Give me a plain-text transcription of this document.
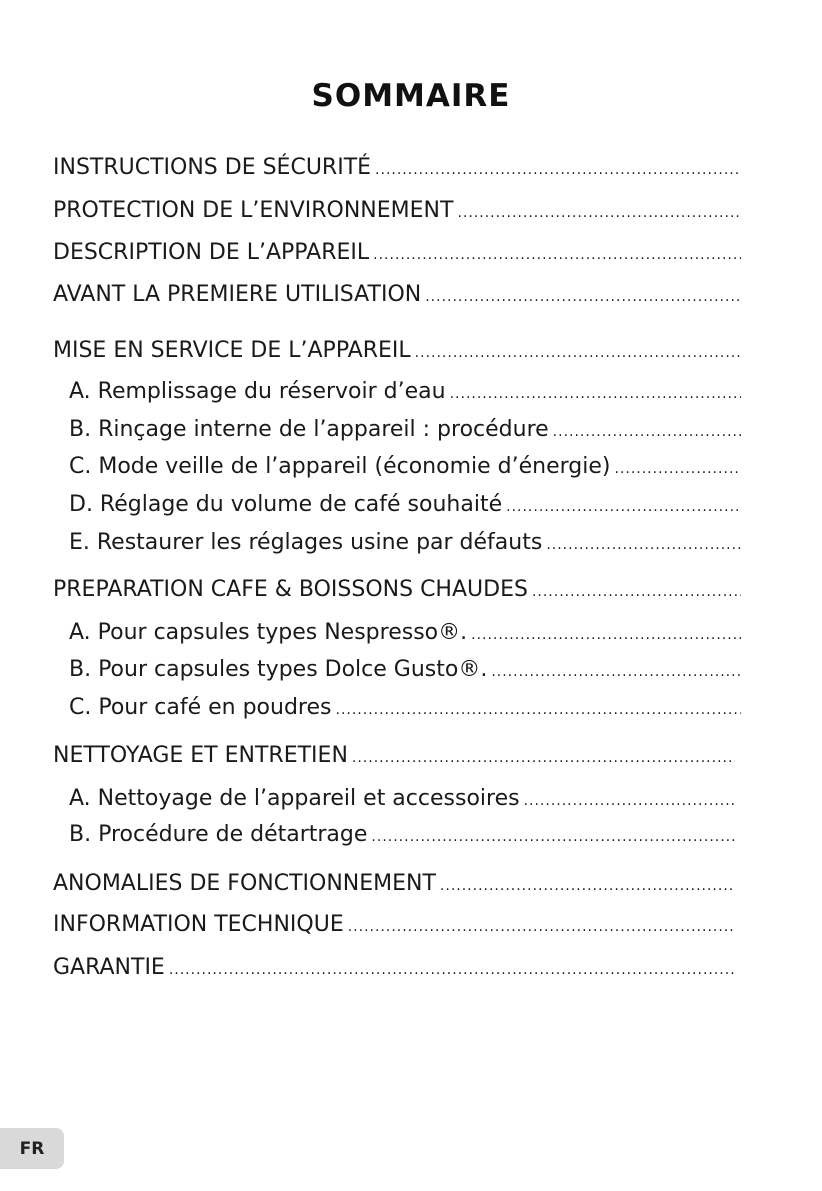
SOMMAIRE
INSTRUCTIONS DE SÉCURITÉ
.....
PROTECTION DE L’ENVIRONNEMENT
.....
DESCRIPTION DE L’APPAREIL
.....
AVANT LA PREMIERE UTILISATION
.....
MISE EN SERVICE DE L’APPAREIL
.....
A. Remplissage du réservoir d’eau
.....
B. Rinçage interne de l’appareil : procédure
.....
C. Mode veille de l’appareil (économie d’énergie)
.....
D. Réglage du volume de café souhaité
.....
E. Restaurer les réglages usine par défauts
.....
PREPARATION CAFE & BOISSONS CHAUDES
.....
A. Pour capsules types Nespresso®.
.....
B. Pour capsules types Dolce Gusto®.
.....
C. Pour café en poudres
.....
NETTOYAGE ET ENTRETIEN
.....
A. Nettoyage de l’appareil et accessoires
.....
B. Procédure de détartrage
.....
ANOMALIES DE FONCTIONNEMENT
.....
INFORMATION TECHNIQUE
.....
GARANTIE
.....
FR
